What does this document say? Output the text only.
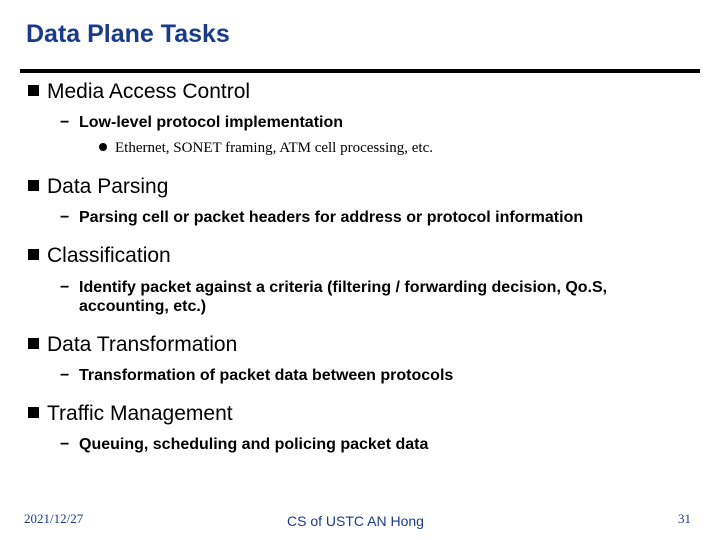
Data Plane Tasks
Media Access Control
− Low-level protocol implementation
Ethernet, SONET framing, ATM cell processing, etc.
Data Parsing
− Parsing cell or packet headers for address or protocol information
Classification
− Identify packet against a criteria (filtering / forwarding decision, Qo.S, accounting, etc.)
Data Transformation
− Transformation of packet data between protocols
Traffic Management
− Queuing, scheduling and policing packet data
2021/12/27	CS of USTC AN Hong	31
